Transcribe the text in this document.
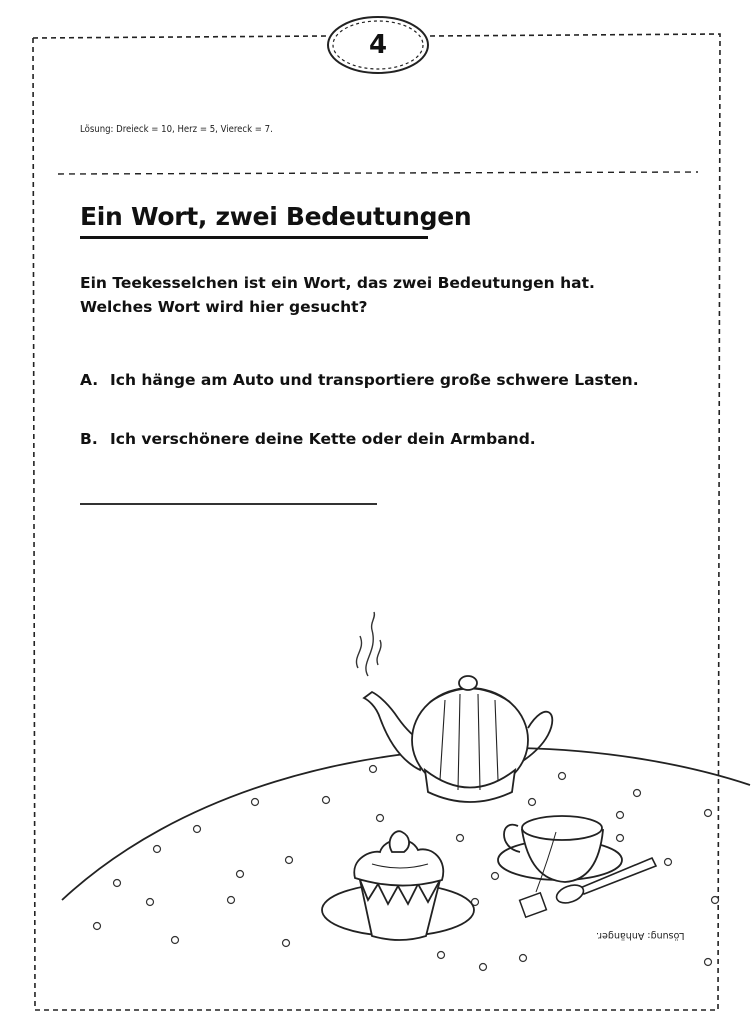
4
Lösung: Dreieck = 10, Herz = 5, Viereck = 7.
Ein Wort, zwei Bedeutungen
Ein Teekesselchen ist ein Wort, das zwei Bedeutungen hat.
Welches Wort wird hier gesucht?
A. Ich hänge am Auto und transportiere große schwere Lasten.
B. Ich verschönere deine Kette oder dein Armband.
Lösung: Anhänger.
